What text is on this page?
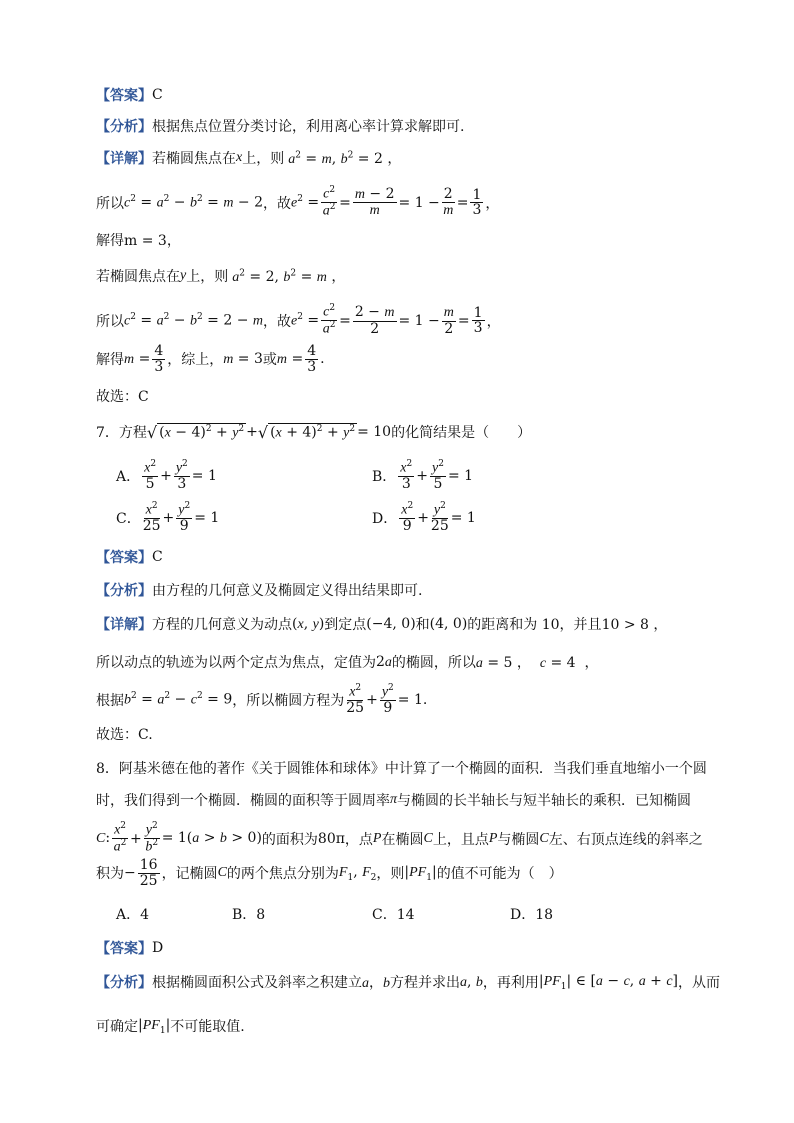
【答案】 C
【分析】 根据焦点位置分类讨论，利用离心率计算求解即可.
【详解】 若椭圆焦点在 x 上，则 $a^2 = m$, $b^2 = 2$ ，
所以 $c^2 = a^2 - b^2 = m - 2$ ，故 $e^2 = \frac{c^2}{a^2} = \frac{m - 2}{m} = 1 - \frac{2}{m} = \frac{1}{3}$ ，
解得 m = 3，
若椭圆焦点在 y 上，则 $a^2 = 2$, $b^2 = m$ ，
所以 $c^2 = a^2 - b^2 = 2 - m$ ，故 $e^2 = \frac{c^2}{a^2} = \frac{2 - m}{2} = 1 - \frac{m}{2} = \frac{1}{3}$ ，
解得 $m = \frac{4}{3}$ ，综上， m = 3 或 $m = \frac{4}{3}$ .
故选：C
7．方程 √ $(x - 4)^2 + y^2$ + √ $(x + 4)^2 + y^2 = 10$ 的化简结果是（　　）
A． $\frac{x^2}{5} + \frac{y^2}{3} = 1$	B． $\frac{x^2}{3} + \frac{y^2}{5} = 1$
C． $\frac{x^2}{25} + \frac{y^2}{9} = 1$	D． $\frac{x^2}{9} + \frac{y^2}{25} = 1$
【答案】 C
【分析】 由方程的几何意义及椭圆定义得出结果即可.
【详解】 方程的几何意义为动点 (x, y) 到定点 (−4, 0) 和 (4, 0) 的距离和为 10，并且 10 > 8 ，
所以动点的轨迹为以两个定点为焦点，定值为 2a 的椭圆，所以 a = 5 ，  c = 4  ，
根据 $b^2 = a^2 - c^2 = 9$ ，所以椭圆方程为 $\frac{x^2}{25} + \frac{y^2}{9} = 1$.
故选：C.
8．阿基米德在他的著作《关于圆锥体和球体》中计算了一个椭圆的面积．当我们垂直地缩小一个圆
时，我们得到一个椭圆．椭圆的面积等于圆周率 π 与椭圆的长半轴长与短半轴长的乘积．已知椭圆
C: $\frac{x^2}{a^2} + \frac{y^2}{b^2} = 1(a > b > 0)$ 的面积为 80π ，点 P 在椭圆 C 上，且点 P 与椭圆 C 左、右顶点连线的斜率之
积为 − $\frac{16}{25}$ ，记椭圆 C 的两个焦点分别为 $F_1$, $F_2$ ，则 $|PF_1|$ 的值不可能为（　）
A．4	B．8	C．14	D．18
【答案】 D
【分析】 根据椭圆面积公式及斜率之积建立 a，b 方程并求出 a, b ，再利用 $|PF_1|$ ∈ [a − c, a + c] ，从而
可确定 $|PF_1|$ 不可能取值.
